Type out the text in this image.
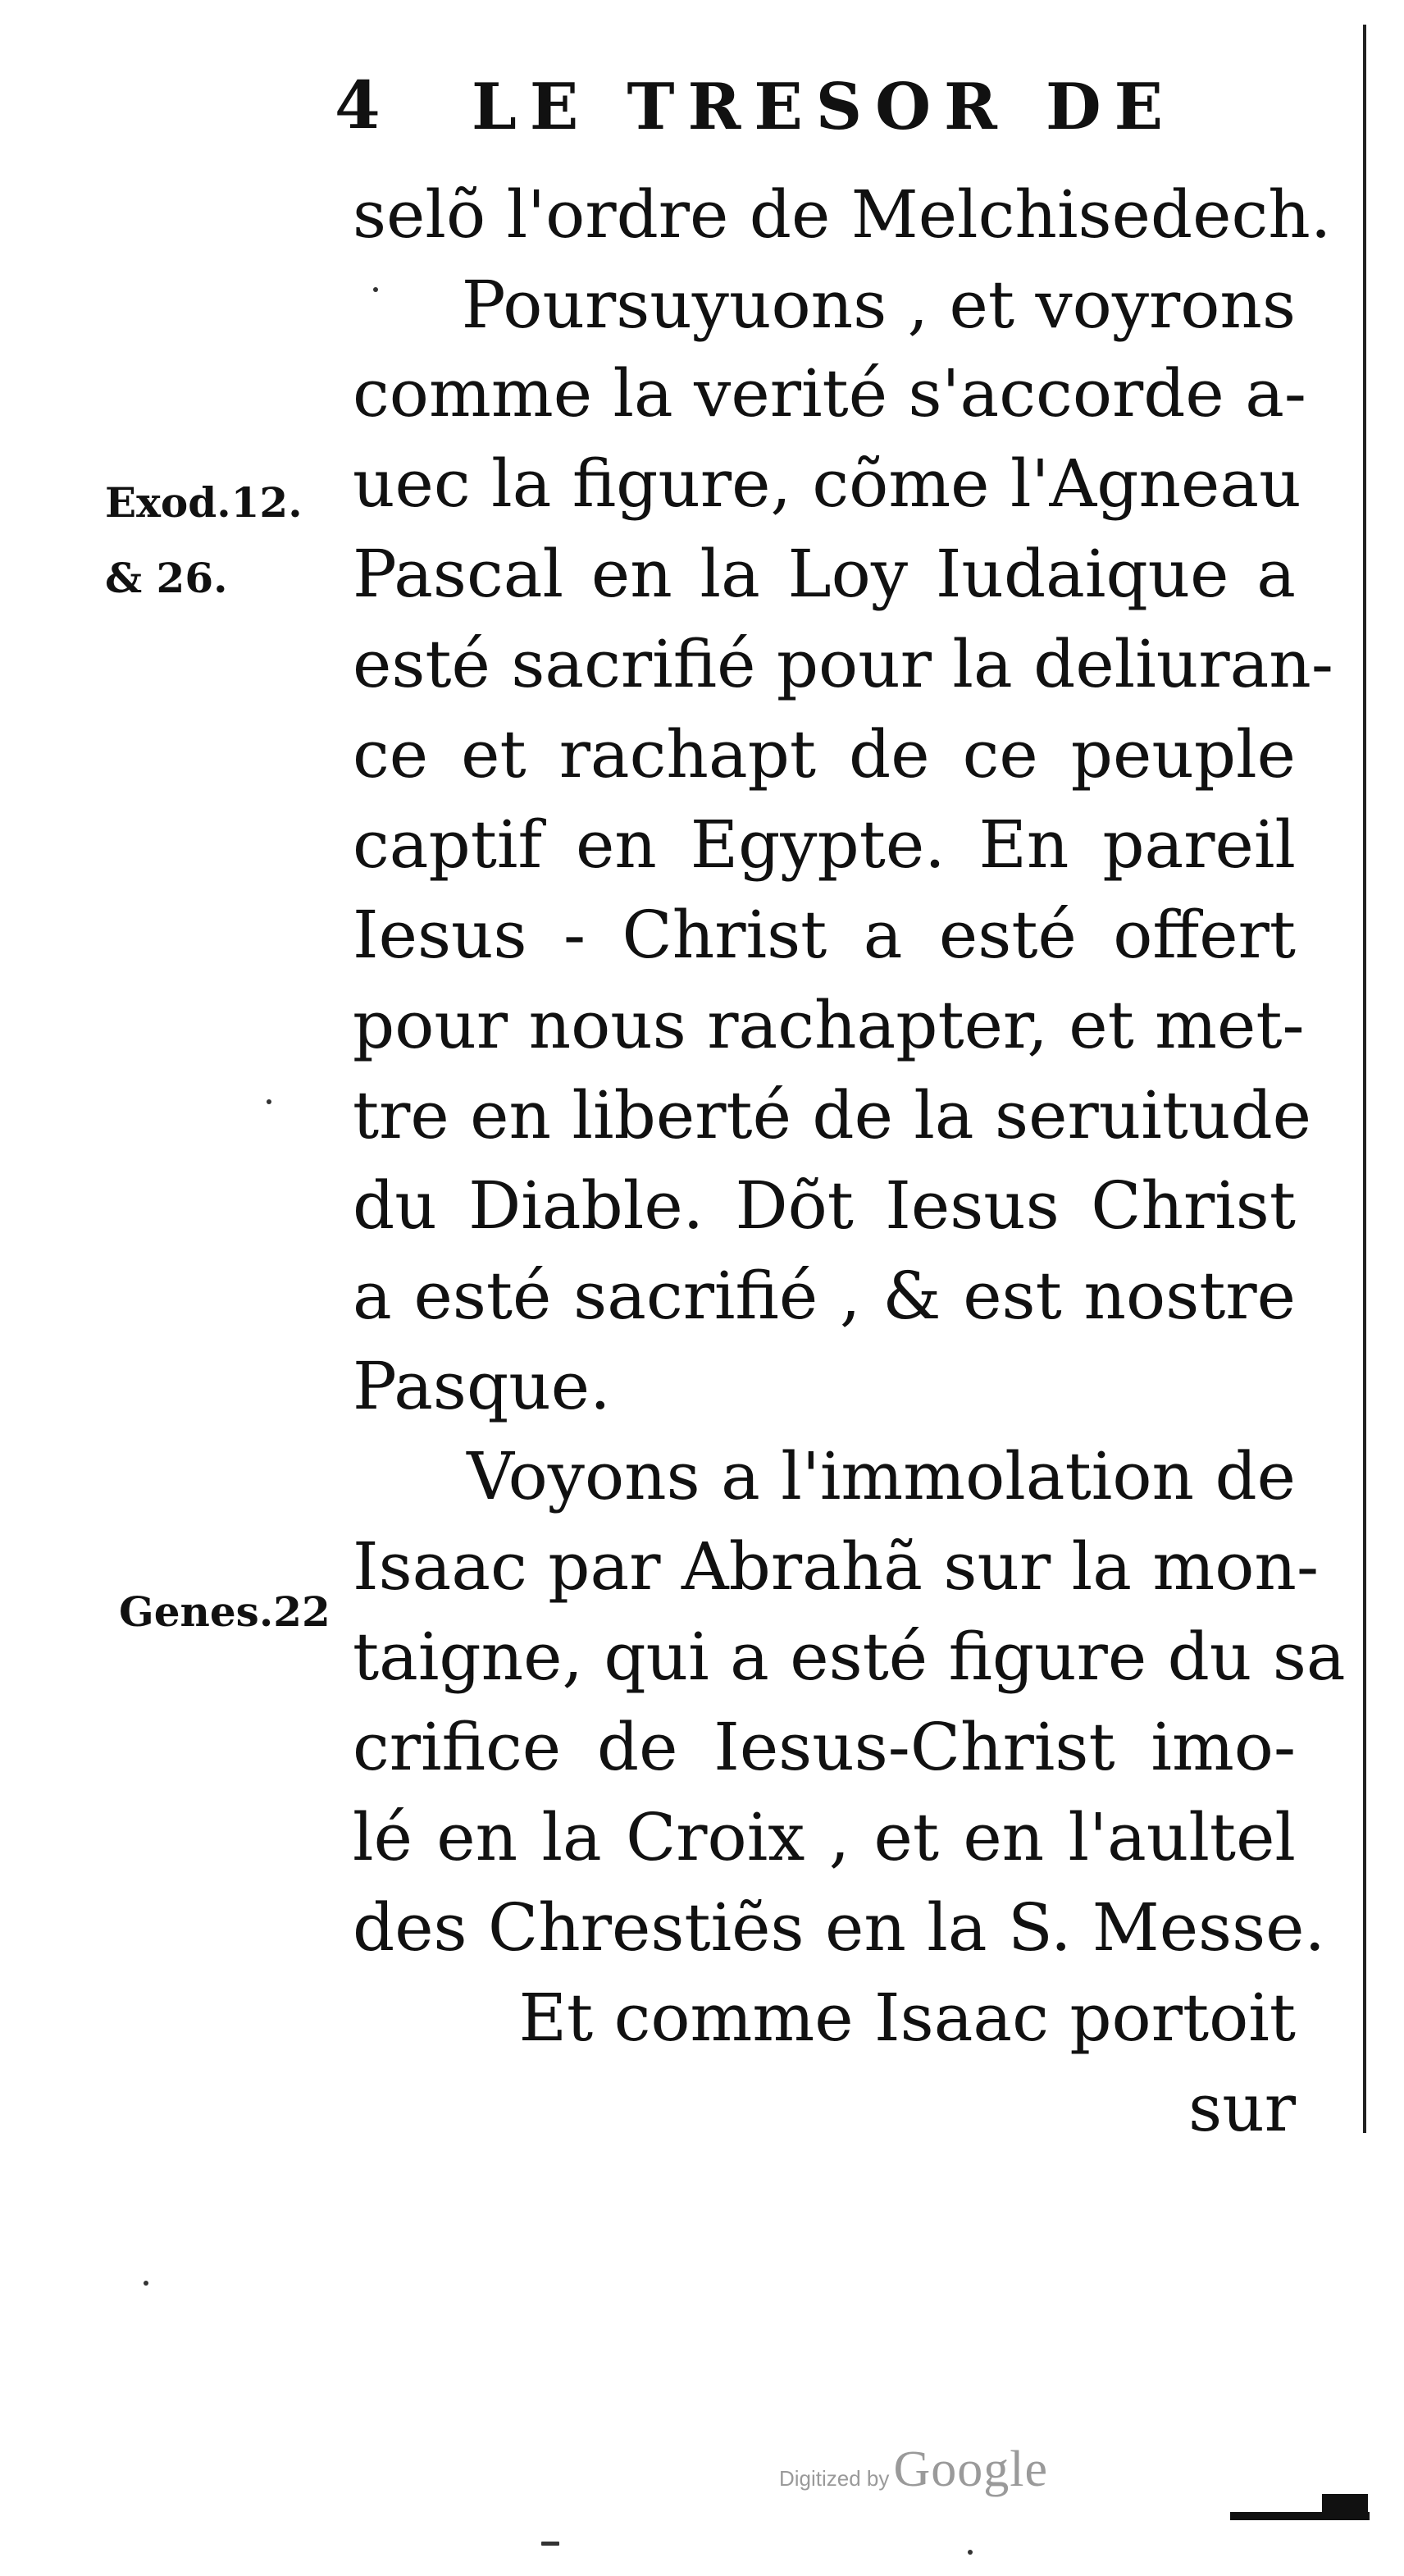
4 LE TRESOR DE
Exod.12.
& 26.
Genes.22
selõ l'ordre de Melchisedech.
Poursuyuons , et voyrons
comme la verité s'accorde a-
uec la figure, cõme l'Agneau
Pascal en la Loy Iudaique a
esté sacrifié pour la deliuran-
ce et rachapt de ce peuple
captif en Egypte. En pareil
Iesus - Christ a esté offert
pour nous rachapter, et met-
tre en liberté de la seruitude
du Diable. Dõt Iesus Christ
a esté sacrifié , & est nostre
Pasque.
Voyons a l'immolation de
Isaac par Abrahã sur la mon-
taigne, qui a esté figure du sa
crifice de Iesus-Christ imo-
lé en la Croix , et en l'aultel
des Chrestiẽs en la S. Messe.
Et comme Isaac portoit
sur
Digitized by Google
